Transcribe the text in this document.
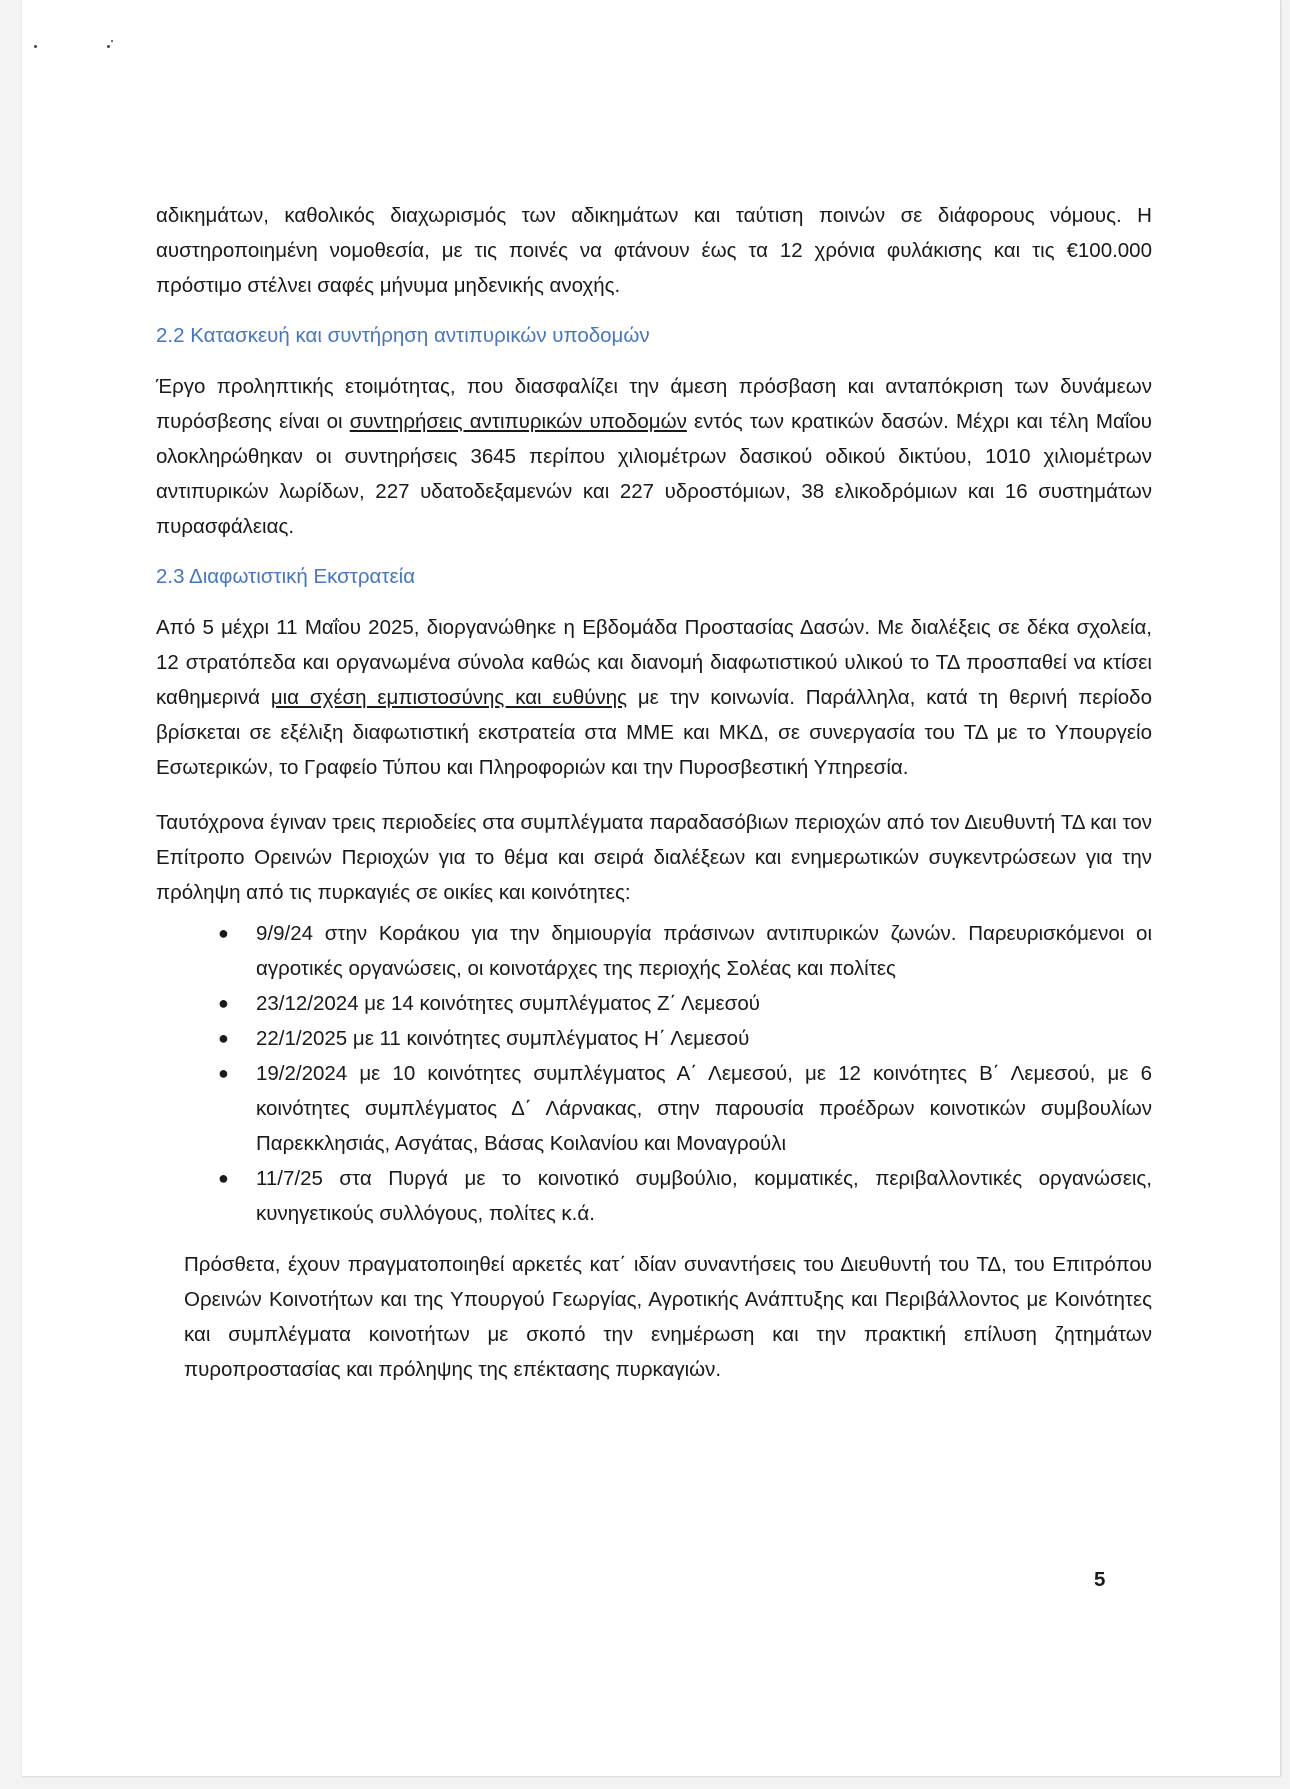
αδικημάτων, καθολικός διαχωρισμός των αδικημάτων και ταύτιση ποινών σε διάφορους νόμους. Η αυστηροποιημένη νομοθεσία, με τις ποινές να φτάνουν έως τα 12 χρόνια φυλάκισης και τις €100.000 πρόστιμο στέλνει σαφές μήνυμα μηδενικής ανοχής.

2.2 Κατασκευή και συντήρηση αντιπυρικών υποδομών

Έργο προληπτικής ετοιμότητας, που διασφαλίζει την άμεση πρόσβαση και ανταπόκριση των δυνάμεων πυρόσβεσης είναι οι συντηρήσεις αντιπυρικών υποδομών εντός των κρατικών δασών. Μέχρι και τέλη Μαΐου ολοκληρώθηκαν οι συντηρήσεις 3645 περίπου χιλιομέτρων δασικού οδικού δικτύου, 1010 χιλιομέτρων αντιπυρικών λωρίδων, 227 υδατοδεξαμενών και 227 υδροστόμιων, 38 ελικοδρόμιων και 16 συστημάτων πυρασφάλειας.

2.3 Διαφωτιστική Εκστρατεία

Από 5 μέχρι 11 Μαΐου 2025, διοργανώθηκε η Εβδομάδα Προστασίας Δασών. Με διαλέξεις σε δέκα σχολεία, 12 στρατόπεδα και οργανωμένα σύνολα καθώς και διανομή διαφωτιστικού υλικού το ΤΔ προσπαθεί να κτίσει καθημερινά μια σχέση εμπιστοσύνης και ευθύνης με την κοινωνία. Παράλληλα, κατά τη θερινή περίοδο βρίσκεται σε εξέλιξη διαφωτιστική εκστρατεία στα ΜΜΕ και ΜΚΔ, σε συνεργασία του ΤΔ με το Υπουργείο Εσωτερικών, το Γραφείο Τύπου και Πληροφοριών και την Πυροσβεστική Υπηρεσία.

Ταυτόχρονα έγιναν τρεις περιοδείες στα συμπλέγματα παραδασόβιων περιοχών από τον Διευθυντή ΤΔ και τον Επίτροπο Ορεινών Περιοχών για το θέμα και σειρά διαλέξεων και ενημερωτικών συγκεντρώσεων για την πρόληψη από τις πυρκαγιές σε οικίες και κοινότητες:

● 9/9/24 στην Κοράκου για την δημιουργία πράσινων αντιπυρικών ζωνών. Παρευρισκόμενοι οι αγροτικές οργανώσεις, οι κοινοτάρχες της περιοχής Σολέας και πολίτες
● 23/12/2024 με 14 κοινότητες συμπλέγματος Ζ΄ Λεμεσού
● 22/1/2025 με 11 κοινότητες συμπλέγματος Η΄ Λεμεσού
● 19/2/2024 με 10 κοινότητες συμπλέγματος Α΄ Λεμεσού, με 12 κοινότητες Β΄ Λεμεσού, με 6 κοινότητες συμπλέγματος Δ΄ Λάρνακας, στην παρουσία προέδρων κοινοτικών συμβουλίων Παρεκκλησιάς, Ασγάτας, Βάσας Κοιλανίου και Μοναγρούλι
● 11/7/25 στα Πυργά με το κοινοτικό συμβούλιο, κομματικές, περιβαλλοντικές οργανώσεις, κυνηγετικούς συλλόγους, πολίτες κ.ά.

Πρόσθετα, έχουν πραγματοποιηθεί αρκετές κατ΄ ιδίαν συναντήσεις του Διευθυντή του ΤΔ, του Επιτρόπου Ορεινών Κοινοτήτων και της Υπουργού Γεωργίας, Αγροτικής Ανάπτυξης και Περιβάλλοντος με Κοινότητες και συμπλέγματα κοινοτήτων με σκοπό την ενημέρωση και την πρακτική επίλυση ζητημάτων πυροπροστασίας και πρόληψης της επέκτασης πυρκαγιών.

5
